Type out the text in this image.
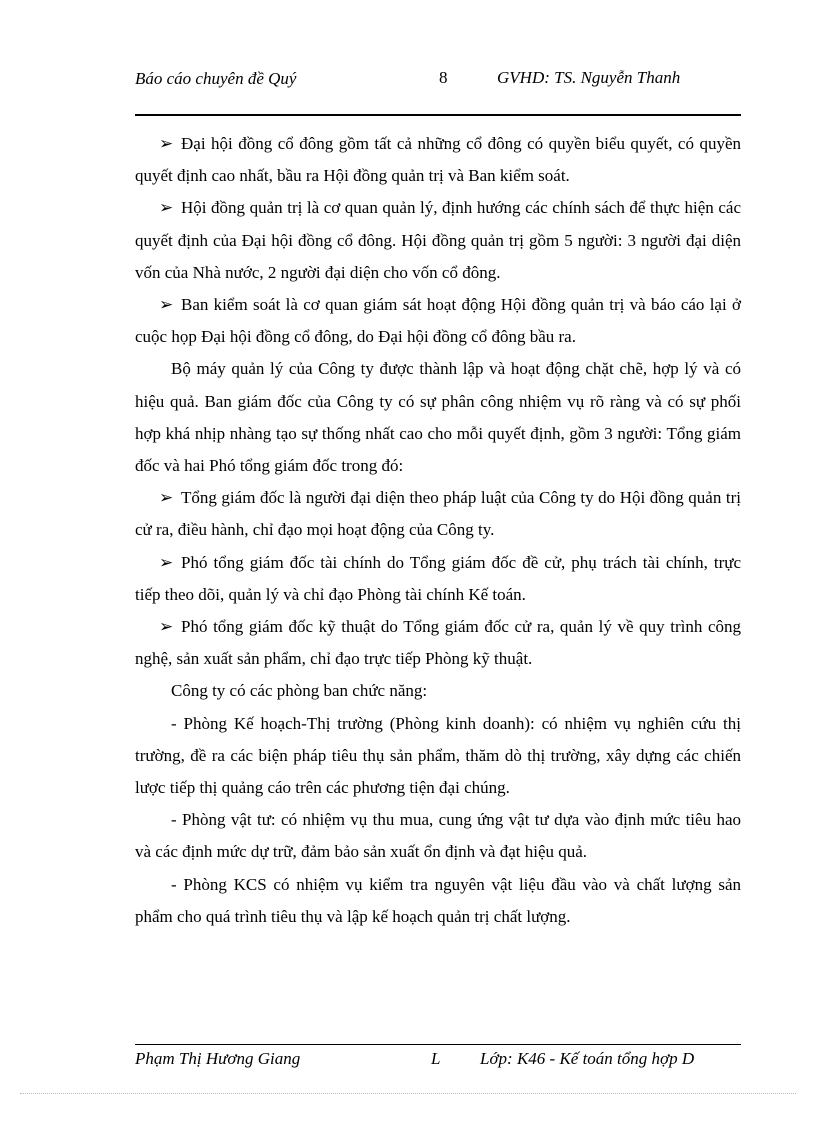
Báo cáo chuyên đề Quý	8	GVHD: TS. Nguyễn Thanh

➢ Đại hội đồng cổ đông gồm tất cả những cổ đông có quyền biểu quyết, có quyền quyết định cao nhất, bầu ra Hội đồng quản trị và Ban kiểm soát.

➢ Hội đồng quản trị là cơ quan quản lý, định hướng các chính sách để thực hiện các quyết định của Đại hội đồng cổ đông. Hội đồng quản trị gồm 5 người: 3 người đại diện vốn của Nhà nước, 2 người đại diện cho vốn cổ đông.

➢ Ban kiểm soát là cơ quan giám sát hoạt động Hội đồng quản trị và báo cáo lại ở cuộc họp Đại hội đồng cổ đông, do Đại hội đồng cổ đông bầu ra.

Bộ máy quản lý của Công ty được thành lập và hoạt động chặt chẽ, hợp lý và có hiệu quả. Ban giám đốc của Công ty có sự phân công nhiệm vụ rõ ràng và có sự phối hợp khá nhịp nhàng tạo sự thống nhất cao cho mỗi quyết định, gồm 3 người: Tổng giám đốc và hai Phó tổng giám đốc trong đó:

➢ Tổng giám đốc là người đại diện theo pháp luật của Công ty do Hội đồng quản trị cử ra, điều hành, chỉ đạo mọi hoạt động của Công ty.

➢ Phó tổng giám đốc tài chính do Tổng giám đốc đề cử, phụ trách tài chính, trực tiếp theo dõi, quản lý và chỉ đạo Phòng tài chính Kế toán.

➢ Phó tổng giám đốc kỹ thuật do Tổng giám đốc cử ra, quản lý về quy trình công nghệ, sản xuất sản phẩm, chỉ đạo trực tiếp Phòng kỹ thuật.

Công ty có các phòng ban chức năng:

- Phòng Kế hoạch-Thị trường (Phòng kinh doanh): có nhiệm vụ nghiên cứu thị trường, đề ra các biện pháp tiêu thụ sản phẩm, thăm dò thị trường, xây dựng các chiến lược tiếp thị quảng cáo trên các phương tiện đại chúng.

- Phòng vật tư: có nhiệm vụ thu mua, cung ứng vật tư dựa vào định mức tiêu hao và các định mức dự trữ, đảm bảo sản xuất ổn định và đạt hiệu quả.

- Phòng KCS có nhiệm vụ kiểm tra nguyên vật liệu đầu vào và chất lượng sản phẩm cho quá trình tiêu thụ và lập kế hoạch quản trị chất lượng.

Phạm Thị Hương Giang	L Lớp: K46 - Kế toán tổng hợp D
